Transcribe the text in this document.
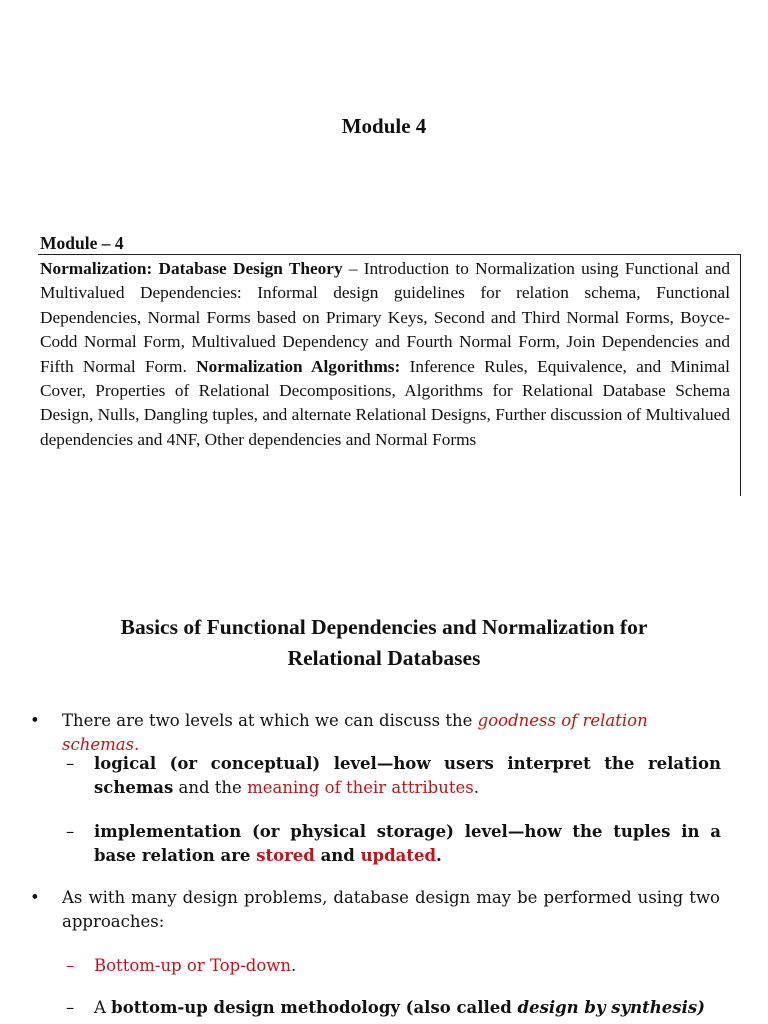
Module 4
Module – 4
Normalization: Database Design Theory – Introduction to Normalization using Functional and Multivalued Dependencies: Informal design guidelines for relation schema, Functional Dependencies, Normal Forms based on Primary Keys, Second and Third Normal Forms, Boyce-Codd Normal Form, Multivalued Dependency and Fourth Normal Form, Join Dependencies and Fifth Normal Form. Normalization Algorithms: Inference Rules, Equivalence, and Minimal Cover, Properties of Relational Decompositions, Algorithms for Relational Database Schema Design, Nulls, Dangling tuples, and alternate Relational Designs, Further discussion of Multivalued dependencies and 4NF, Other dependencies and Normal Forms
Basics of Functional Dependencies and Normalization for
Relational Databases
• There are two levels at which we can discuss the goodness of relation schemas.
– logical (or conceptual) level—how users interpret the relation schemas and the meaning of their attributes.
– implementation (or physical storage) level—how the tuples in a base relation are stored and updated.
• As with many design problems, database design may be performed using two approaches:
– Bottom-up or Top-down.
– A bottom-up design methodology (also called design by synthesis)
